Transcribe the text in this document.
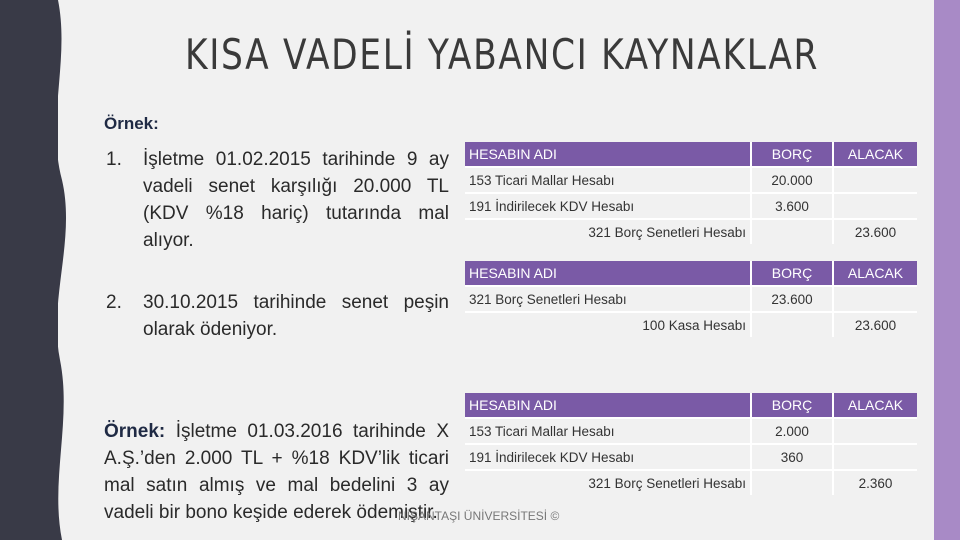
KISA VADELİ YABANCI KAYNAKLAR
Örnek:
1. İşletme 01.02.2015 tarihinde 9 ay vadeli senet karşılığı 20.000 TL (KDV %18 hariç) tutarında mal alıyor.
2. 30.10.2015 tarihinde senet peşin olarak ödeniyor.
Örnek: İşletme 01.03.2016 tarihinde X A.Ş.’den 2.000 TL + %18 KDV’lik ticari mal satın almış ve mal bedelini 3 ay vadeli bir bono keşide ederek ödemiştir.
HESABIN ADI	BORÇ	ALACAK
153 Ticari Mallar Hesabı	20.000	
191 İndirilecek KDV Hesabı	3.600	
321 Borç Senetleri Hesabı		23.600
HESABIN ADI	BORÇ	ALACAK
321 Borç Senetleri Hesabı	23.600	
100 Kasa Hesabı		23.600
HESABIN ADI	BORÇ	ALACAK
153 Ticari Mallar Hesabı	2.000	
191 İndirilecek KDV Hesabı	360	
321 Borç Senetleri Hesabı		2.360
NİŞANTAŞI ÜNİVERSİTESİ ©
